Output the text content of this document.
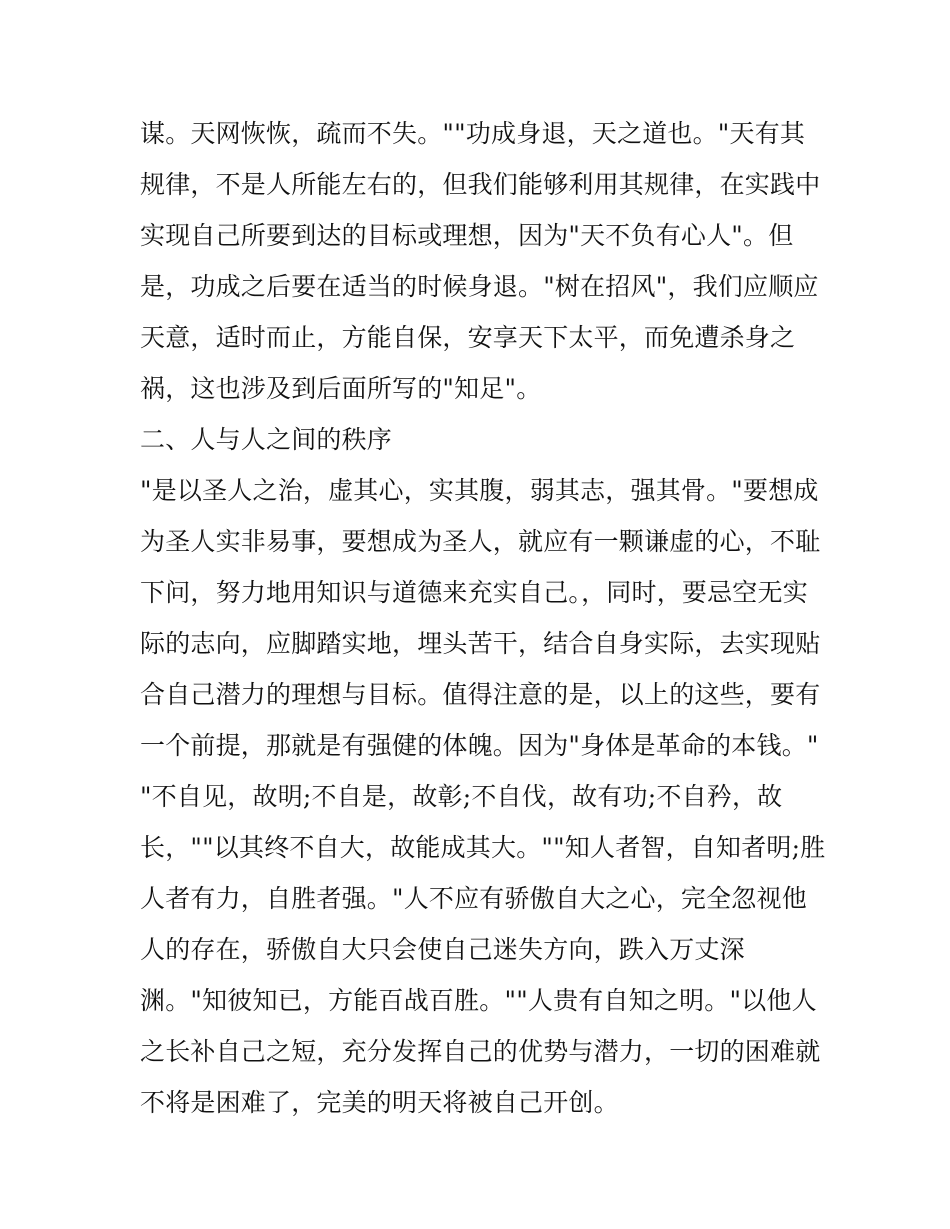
谋。天网恢恢，疏而不失。""功成身退，天之道也。"天有其
规律，不是人所能左右的，但我们能够利用其规律，在实践中
实现自己所要到达的目标或理想，因为"天不负有心人"。但
是，功成之后要在适当的时候身退。"树在招风"，我们应顺应
天意，适时而止，方能自保，安享天下太平，而免遭杀身之
祸，这也涉及到后面所写的"知足"。
二、人与人之间的秩序
"是以圣人之治，虚其心，实其腹，弱其志，强其骨。"要想成
为圣人实非易事，要想成为圣人，就应有一颗谦虚的心，不耻
下问，努力地用知识与道德来充实自己。，同时，要忌空无实
际的志向，应脚踏实地，埋头苦干，结合自身实际，去实现贴
合自己潜力的理想与目标。值得注意的是，以上的这些，要有
一个前提，那就是有强健的体魄。因为"身体是革命的本钱。"
"不自见，故明;不自是，故彰;不自伐，故有功;不自矜，故
长，""以其终不自大，故能成其大。""知人者智，自知者明;胜
人者有力，自胜者强。"人不应有骄傲自大之心，完全忽视他
人的存在，骄傲自大只会使自己迷失方向，跌入万丈深
渊。"知彼知已，方能百战百胜。""人贵有自知之明。"以他人
之长补自己之短，充分发挥自己的优势与潜力，一切的困难就
不将是困难了，完美的明天将被自己开创。
